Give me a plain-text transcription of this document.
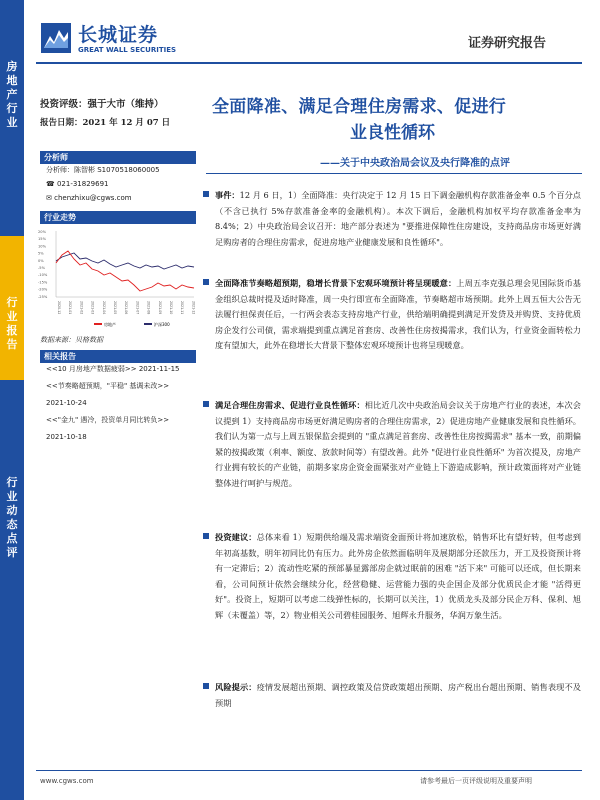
房
地
产
行
业
行
业
报
告
行
业
动
态
点
评
长城证券
GREAT WALL SECURITIES	证券研究报告
投资评级：强于大市（维持）
报告日期：2021 年 12 月 07 日
全面降准、满足合理住房需求、促进行
业良性循环
——关于中央政治局会议及央行降准的点评
分析师
分析师：陈智彬 S1070518060005
☎ 021-31829691
✉ chenzhixu@cgws.com
行业走势
20%
15%
10%
5%
0%
-5%
-10%
-15%
-20%
-25%
2020-12 2021-01 2021-02 2021-03 2021-04 2021-05 2021-06 2021-07 2021-08 2021-09 2021-10 2021-11 2021-12
房地产	沪深300
数据来源：贝格数据
相关报告
<<10 月房地产数据疲弱>> 2021-11-15
<<节奏略超预期，"平稳" 基调未改>>
2021-10-24
<<"金九" 遇冷，投资单月同比转负>>
2021-10-18

事件：12 月 6 日，1）全面降准：央行决定于 12 月 15 日下调金融机构存款准备金率 0.5 个百分点（不含已执行 5%存款准备金率的金融机构）。本次下调后，金融机构加权平均存款准备金率为 8.4%；2）中央政治局会议召开：地产部分表述为 "要推进保障性住房建设，支持商品房市场更好满足购房者的合理住房需求，促进房地产业健康发展和良性循环"。

全面降准节奏略超预期，稳增长背景下宏观环境预计将呈现暖意：上周五李克强总理会见国际货币基金组织总裁时提及适时降准，周一央行即宣布全面降准，节奏略超市场预期。此外上周五恒大公告无法履行担保责任后，一行两会表态支持房地产行业，供给端明确提到满足开发贷及并购贷、支持优质房企发行公司债，需求端提到重点满足首套房、改善性住房按揭需求，我们认为，行业资金面转松力度有望加大，此外在稳增长大背景下整体宏观环境预计也将呈现暖意。

满足合理住房需求、促进行业良性循环：相比近几次中央政治局会议关于房地产行业的表述，本次会议提到 1）支持商品房市场更好满足购房者的合理住房需求，2）促进房地产业健康发展和良性循环。我们认为第一点与上周五银保监会提到的 "重点满足首套房、改善性住房按揭需求" 基本一致，前期偏紧的按揭政策（利率、额度、放款时间等）有望改善。此外 "促进行业良性循环" 为首次提及，房地产行业拥有较长的产业链，前期多家房企资金面紧张对产业链上下游造成影响，预计政策面将对产业链整体进行呵护与规范。

投资建议：总体来看 1）短期供给端及需求端资金面预计将加速放松，销售环比有望好转，但考虑到年初高基数，明年初同比仍有压力。此外房企依然面临明年及展期部分还款压力，开工及投资预计将有一定滞后；2）流动性吃紧的预部暴显露部房企就过眠前的困难 "活下来" 可能可以还成，但长期来看，公司间预计依然会继续分化，经营稳健、运营能力强的央企国企及部分优质民企才能 "活得更好"。投资上，短期可以考虑二线弹性标的，长期可以关注，1）优质龙头及部分民企万科、保利、旭辉（未覆盖）等，2）物业相关公司碧桂园服务、旭辉永升服务，华润万象生活。

风险提示：疫情发展超出预期、调控政策及信贷政策超出预期、房产税出台超出预期、销售表现不及预期

www.cgws.com	请参考最后一页评级说明及重要声明
